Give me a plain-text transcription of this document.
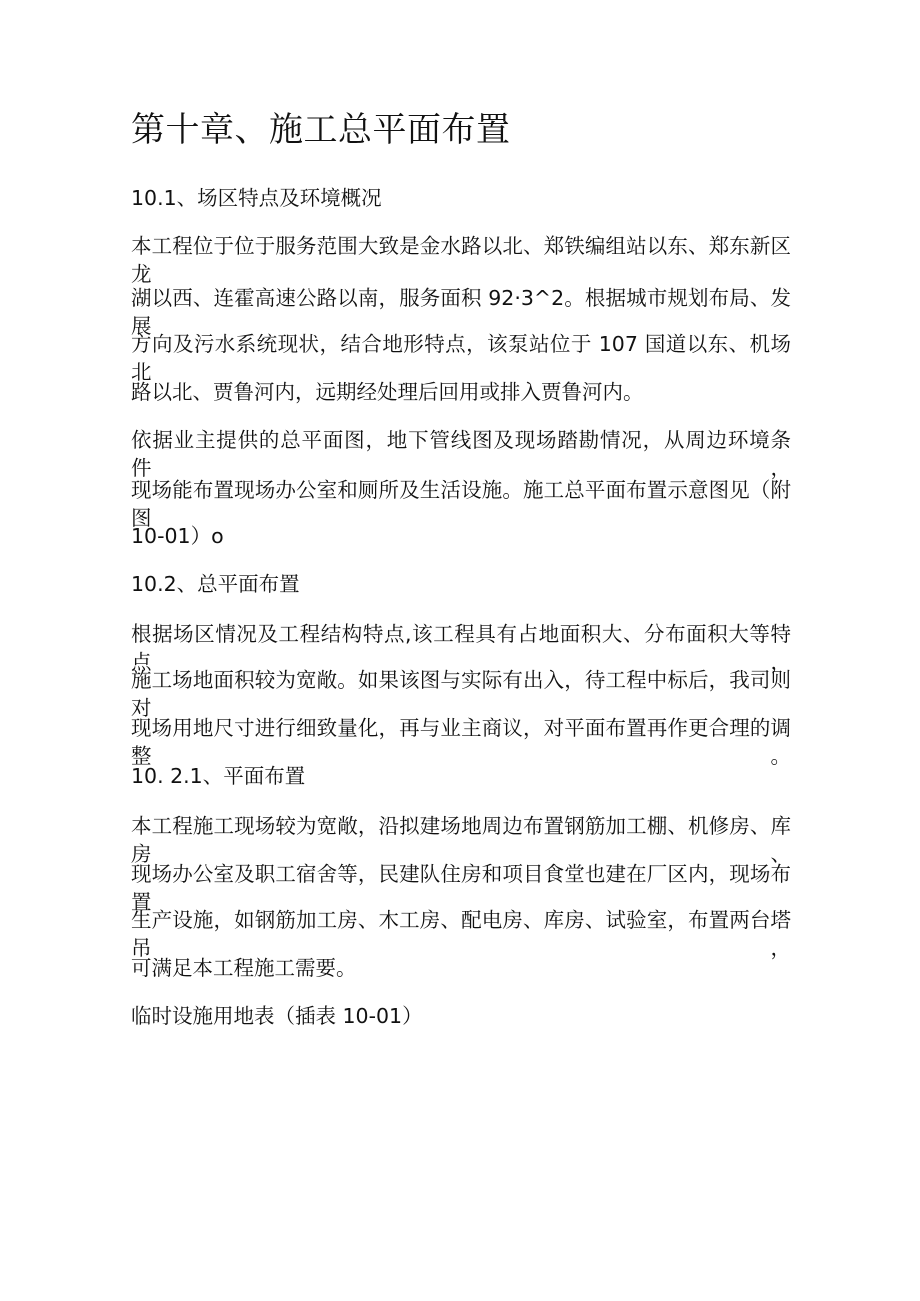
第十章、施工总平面布置

10.1、场区特点及环境概况

本工程位于位于服务范围大致是金水路以北、郑铁编组站以东、郑东新区龙

湖以西、连霍高速公路以南，服务面积 92·3^2。根据城市规划布局、发展

方向及污水系统现状，结合地形特点，该泵站位于 107 国道以东、机场北

路以北、贾鲁河内，远期经处理后回用或排入贾鲁河内。

依据业主提供的总平面图，地下管线图及现场踏勘情况，从周边环境条件，

现场能布置现场办公室和厕所及生活设施。施工总平面布置示意图见（附图

10-01）o

10.2、总平面布置

根据场区情况及工程结构特点,该工程具有占地面积大、分布面积大等特点，

施工场地面积较为宽敞。如果该图与实际有出入，待工程中标后，我司则对

现场用地尺寸进行细致量化，再与业主商议，对平面布置再作更合理的调整。

10. 2.1、平面布置

本工程施工现场较为宽敞，沿拟建场地周边布置钢筋加工棚、机修房、库房、

现场办公室及职工宿舍等，民建队住房和项目食堂也建在厂区内，现场布置

生产设施，如钢筋加工房、木工房、配电房、库房、试验室，布置两台塔吊，

可满足本工程施工需要。

临时设施用地表（插表 10-01）
